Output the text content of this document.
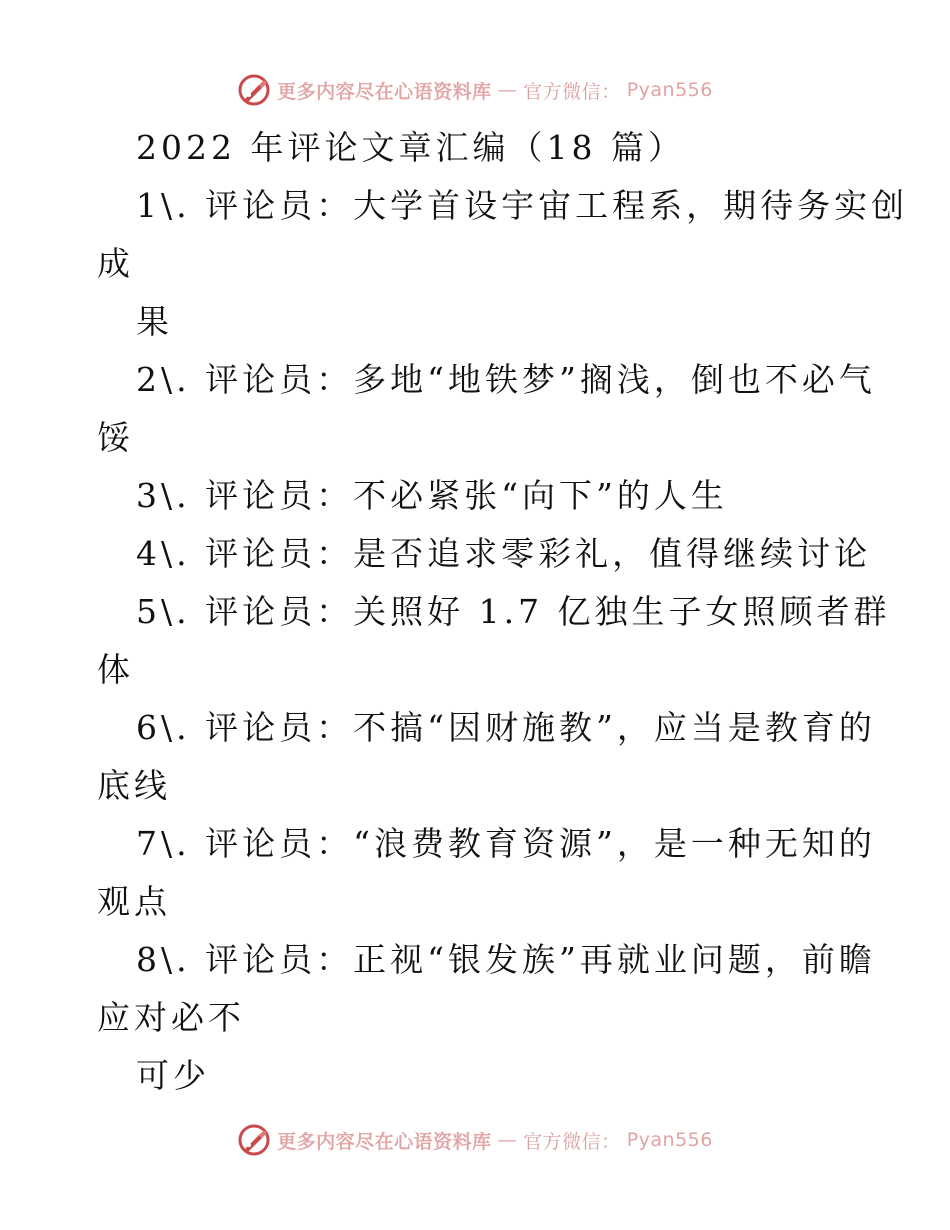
更多内容尽在心语资料库 — 官方微信： Pyan556
2022 年评论文章汇编（18 篇）
1\. 评论员：大学首设宇宙工程系，期待务实创
成
果
2\. 评论员：多地“地铁梦”搁浅，倒也不必气
馁
3\. 评论员：不必紧张“向下”的人生
4\. 评论员：是否追求零彩礼，值得继续讨论
5\. 评论员：关照好 1.7 亿独生子女照顾者群
体
6\. 评论员：不搞“因财施教”，应当是教育的
底线
7\. 评论员：“浪费教育资源”，是一种无知的
观点
8\. 评论员：正视“银发族”再就业问题，前瞻
应对必不
可少
更多内容尽在心语资料库 — 官方微信： Pyan556
